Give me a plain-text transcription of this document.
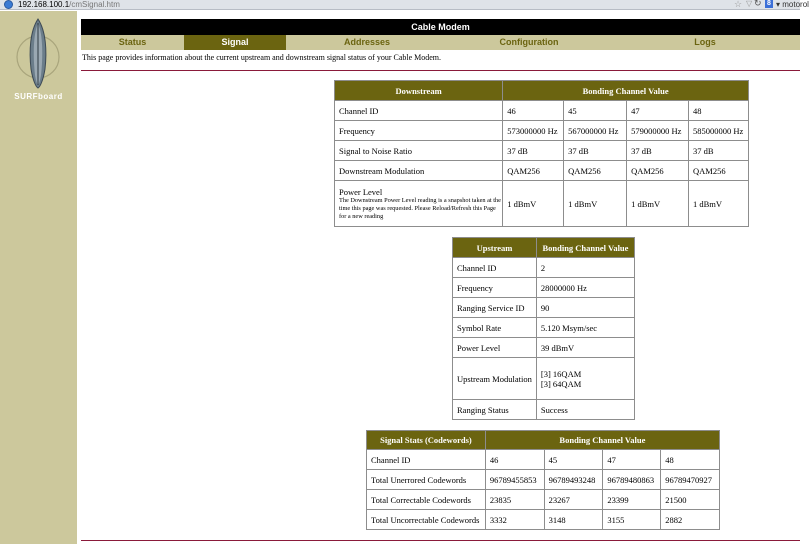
192.168.100.1/cmSignal.htm	☆ ▽ ↻ 8 ▾ motorol
SURFboard
Cable Modem
Status	Signal	Addresses	Configuration	Logs
This page provides information about the current upstream and downstream signal status of your Cable Modem.
Downstream	Bonding Channel Value			
Channel ID	46	45	47	48
Frequency	573000000 Hz	567000000 Hz	579000000 Hz	585000000 Hz
Signal to Noise Ratio	37 dB	37 dB	37 dB	37 dB
Downstream Modulation	QAM256	QAM256	QAM256	QAM256
Power Level
The Downstream Power Level reading is a snapshot taken at the time this page was requested. Please Reload/Refresh this Page for a new reading	1 dBmV	1 dBmV	1 dBmV	1 dBmV
Upstream	Bonding Channel Value
Channel ID	2
Frequency	28000000 Hz
Ranging Service ID	90
Symbol Rate	5.120 Msym/sec
Power Level	39 dBmV
Upstream Modulation	[3] 16QAM
[3] 64QAM

Ranging Status	Success
Signal Stats (Codewords)	Bonding Channel Value			
Channel ID	46	45	47	48
Total Unerrored Codewords	96789455853	96789493248	96789480863	96789470927
Total Correctable Codewords	23835	23267	23399	21500
Total Uncorrectable Codewords	3332	3148	3155	2882
